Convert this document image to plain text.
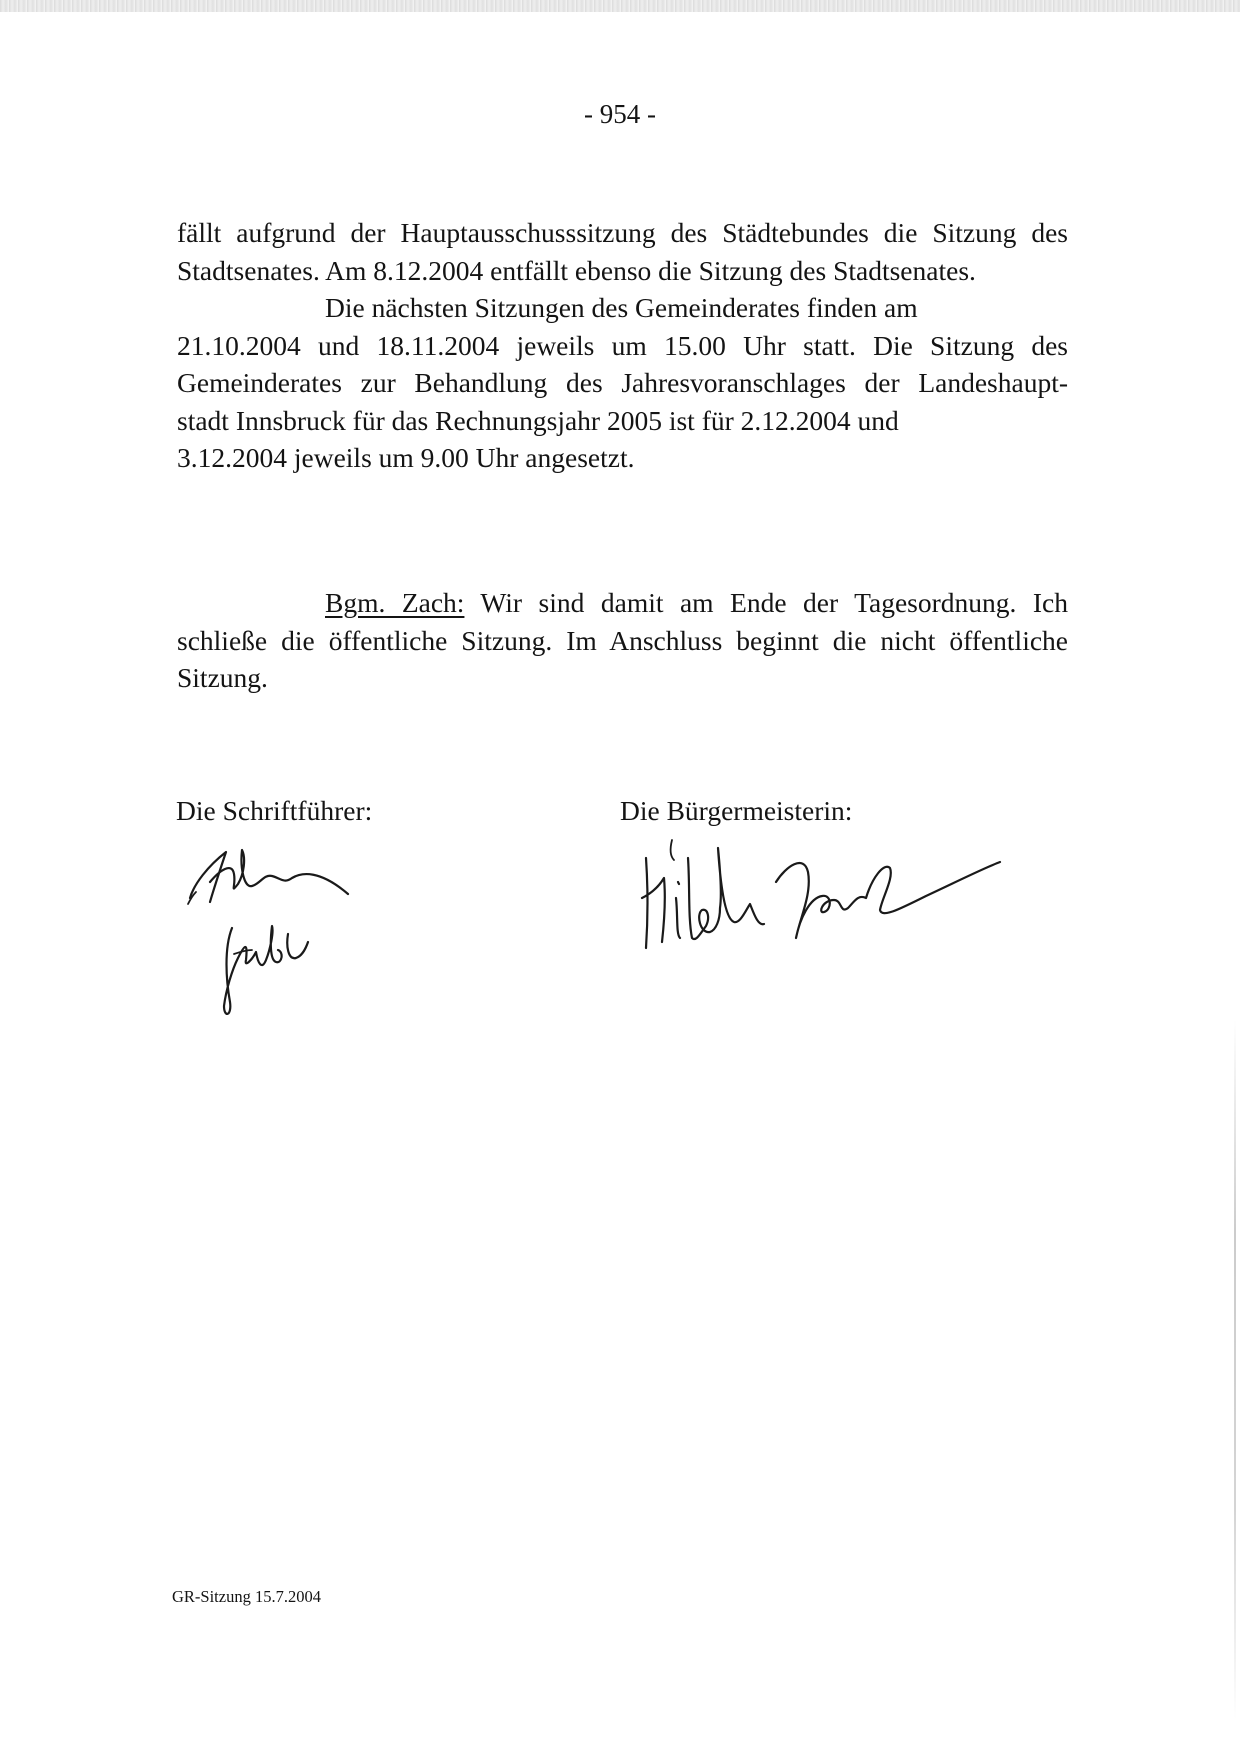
- 954 -
fällt aufgrund der Hauptausschusssitzung des Städtebundes die Sitzung des
Stadtsenates. Am 8.12.2004 entfällt ebenso die Sitzung des Stadtsenates.
Die nächsten Sitzungen des Gemeinderates finden am
21.10.2004 und 18.11.2004 jeweils um 15.00 Uhr statt. Die Sitzung des
Gemeinderates zur Behandlung des Jahresvoranschlages der Landeshaupt-
stadt Innsbruck für das Rechnungsjahr 2005 ist für 2.12.2004 und
3.12.2004 jeweils um 9.00 Uhr angesetzt.
Bgm. Zach: Wir sind damit am Ende der Tagesordnung. Ich
schließe die öffentliche Sitzung. Im Anschluss beginnt die nicht öffentliche
Sitzung.
Die Schriftführer:	Die Bürgermeisterin:
GR-Sitzung 15.7.2004
